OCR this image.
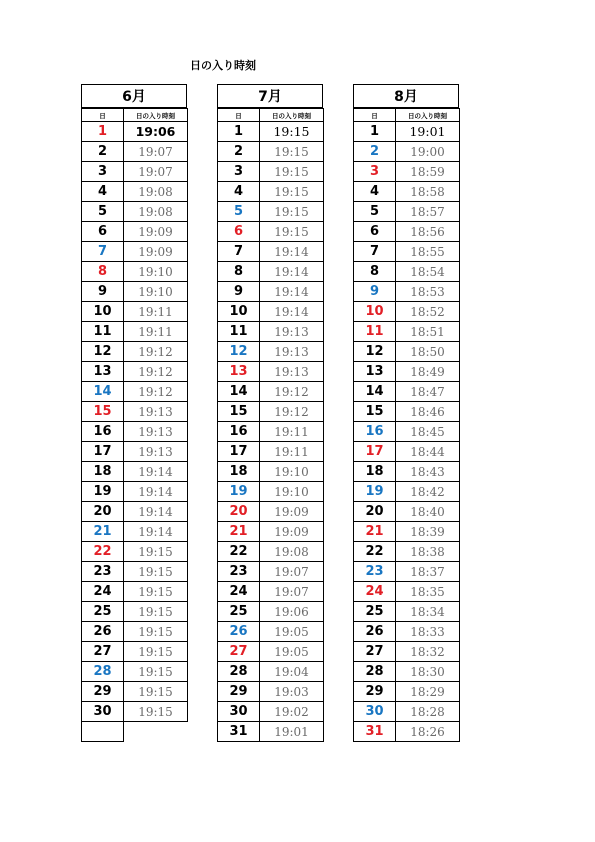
日の入り時刻
6月
日	日の入り時刻
1	19:06
2	19:07
3	19:07
4	19:08
5	19:08
6	19:09
7	19:09
8	19:10
9	19:10
10	19:11
11	19:11
12	19:12
13	19:12
14	19:12
15	19:13
16	19:13
17	19:13
18	19:14
19	19:14
20	19:14
21	19:14
22	19:15
23	19:15
24	19:15
25	19:15
26	19:15
27	19:15
28	19:15
29	19:15
30	19:15

7月
日	日の入り時刻
1	19:15
2	19:15
3	19:15
4	19:15
5	19:15
6	19:15
7	19:14
8	19:14
9	19:14
10	19:14
11	19:13
12	19:13
13	19:13
14	19:12
15	19:12
16	19:11
17	19:11
18	19:10
19	19:10
20	19:09
21	19:09
22	19:08
23	19:07
24	19:07
25	19:06
26	19:05
27	19:05
28	19:04
29	19:03
30	19:02
31	19:01
8月
日	日の入り時刻
1	19:01
2	19:00
3	18:59
4	18:58
5	18:57
6	18:56
7	18:55
8	18:54
9	18:53
10	18:52
11	18:51
12	18:50
13	18:49
14	18:47
15	18:46
16	18:45
17	18:44
18	18:43
19	18:42
20	18:40
21	18:39
22	18:38
23	18:37
24	18:35
25	18:34
26	18:33
27	18:32
28	18:30
29	18:29
30	18:28
31	18:26
